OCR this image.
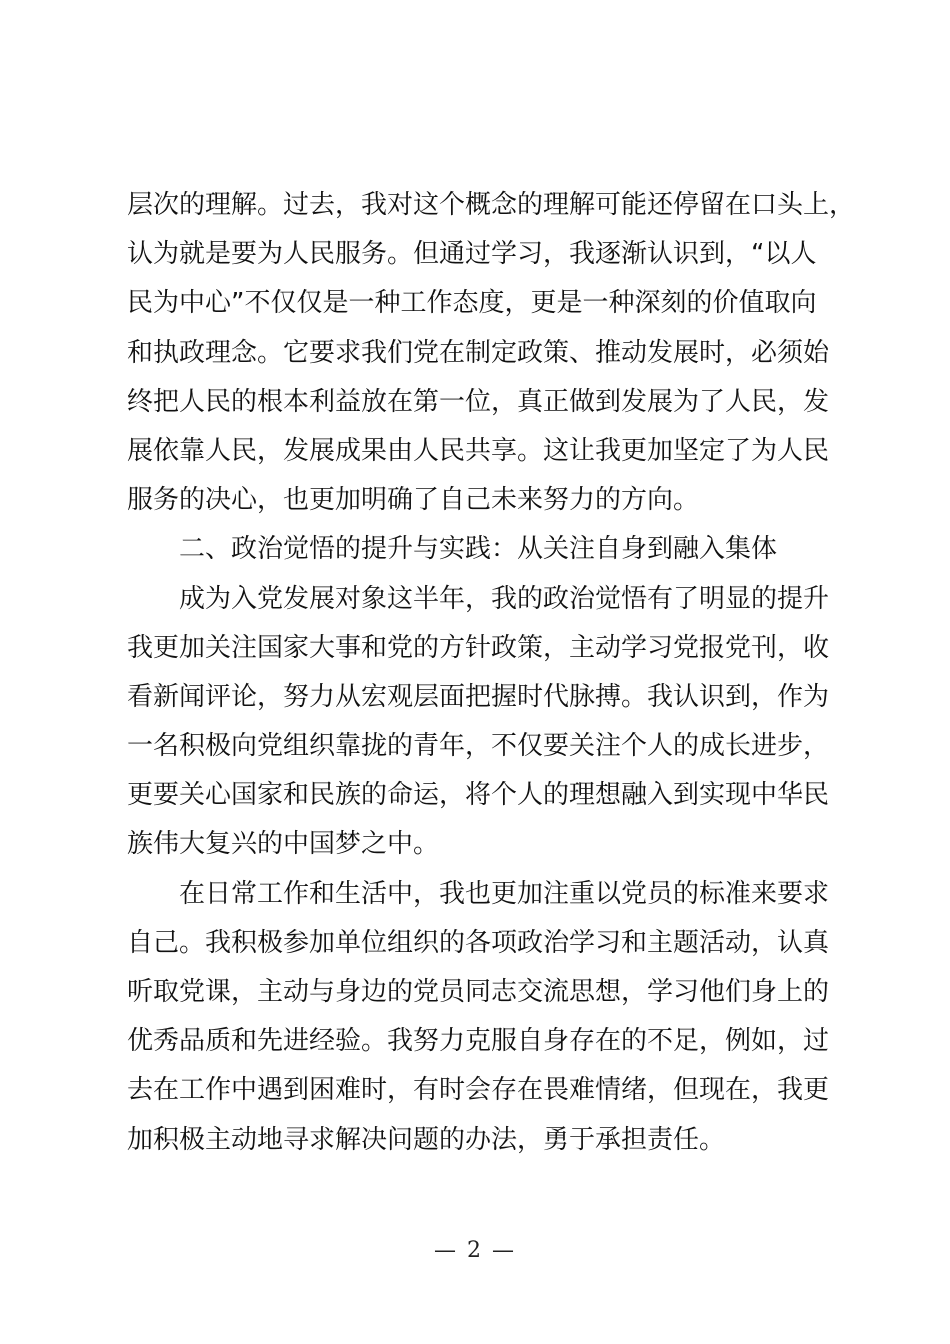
层次的理解。过去，我对这个概念的理解可能还停留在口头上，
认为就是要为人民服务。但通过学习，我逐渐认识到，“以人
民为中心”不仅仅是一种工作态度，更是一种深刻的价值取向
和执政理念。它要求我们党在制定政策、推动发展时，必须始
终把人民的根本利益放在第一位，真正做到发展为了人民，发
展依靠人民，发展成果由人民共享。这让我更加坚定了为人民
服务的决心，也更加明确了自己未来努力的方向。
　　二、政治觉悟的提升与实践：从关注自身到融入集体
　　成为入党发展对象这半年，我的政治觉悟有了明显的提升
我更加关注国家大事和党的方针政策，主动学习党报党刊，收
看新闻评论，努力从宏观层面把握时代脉搏。我认识到，作为
一名积极向党组织靠拢的青年，不仅要关注个人的成长进步，
更要关心国家和民族的命运，将个人的理想融入到实现中华民
族伟大复兴的中国梦之中。
　　在日常工作和生活中，我也更加注重以党员的标准来要求
自己。我积极参加单位组织的各项政治学习和主题活动，认真
听取党课，主动与身边的党员同志交流思想，学习他们身上的
优秀品质和先进经验。我努力克服自身存在的不足，例如，过
去在工作中遇到困难时，有时会存在畏难情绪，但现在，我更
加积极主动地寻求解决问题的办法，勇于承担责任。
— 2 —
